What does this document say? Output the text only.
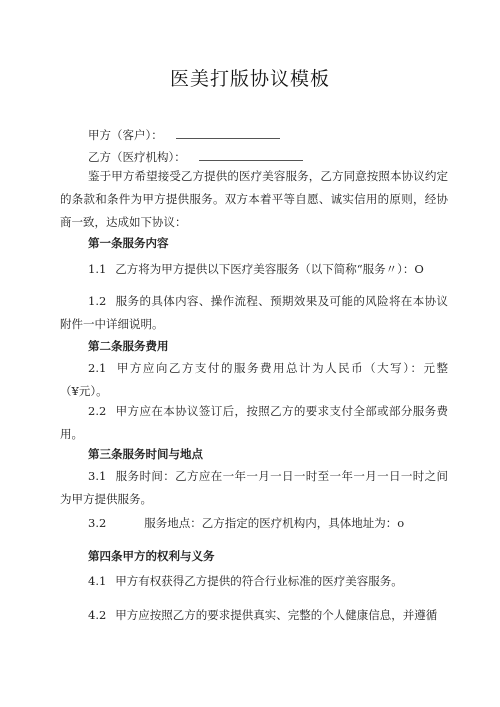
医美打版协议模板
甲方（客户）：
乙方（医疗机构）：
鉴于甲方希望接受乙方提供的医疗美容服务，乙方同意按照本协议约定的条款和条件为甲方提供服务。双方本着平等自愿、诚实信用的原则，经协商一致，达成如下协议：
第一条服务内容
1.1 乙方将为甲方提供以下医疗美容服务（以下简称“服务〃）：O
1.2 服务的具体内容、操作流程、预期效果及可能的风险将在本协议附件一中详细说明。
第二条服务费用
2.1 甲方应向乙方支付的服务费用总计为人民币（大写）：元整（¥元）。
2.2 甲方应在本协议签订后，按照乙方的要求支付全部或部分服务费用。
第三条服务时间与地点
3.1 服务时间：乙方应在一年一月一日一时至一年一月一日一时之间为甲方提供服务。
3.2	服务地点：乙方指定的医疗机构内，具体地址为：o
第四条甲方的权利与义务
4.1 甲方有权获得乙方提供的符合行业标准的医疗美容服务。
4.2 甲方应按照乙方的要求提供真实、完整的个人健康信息，并遵循
